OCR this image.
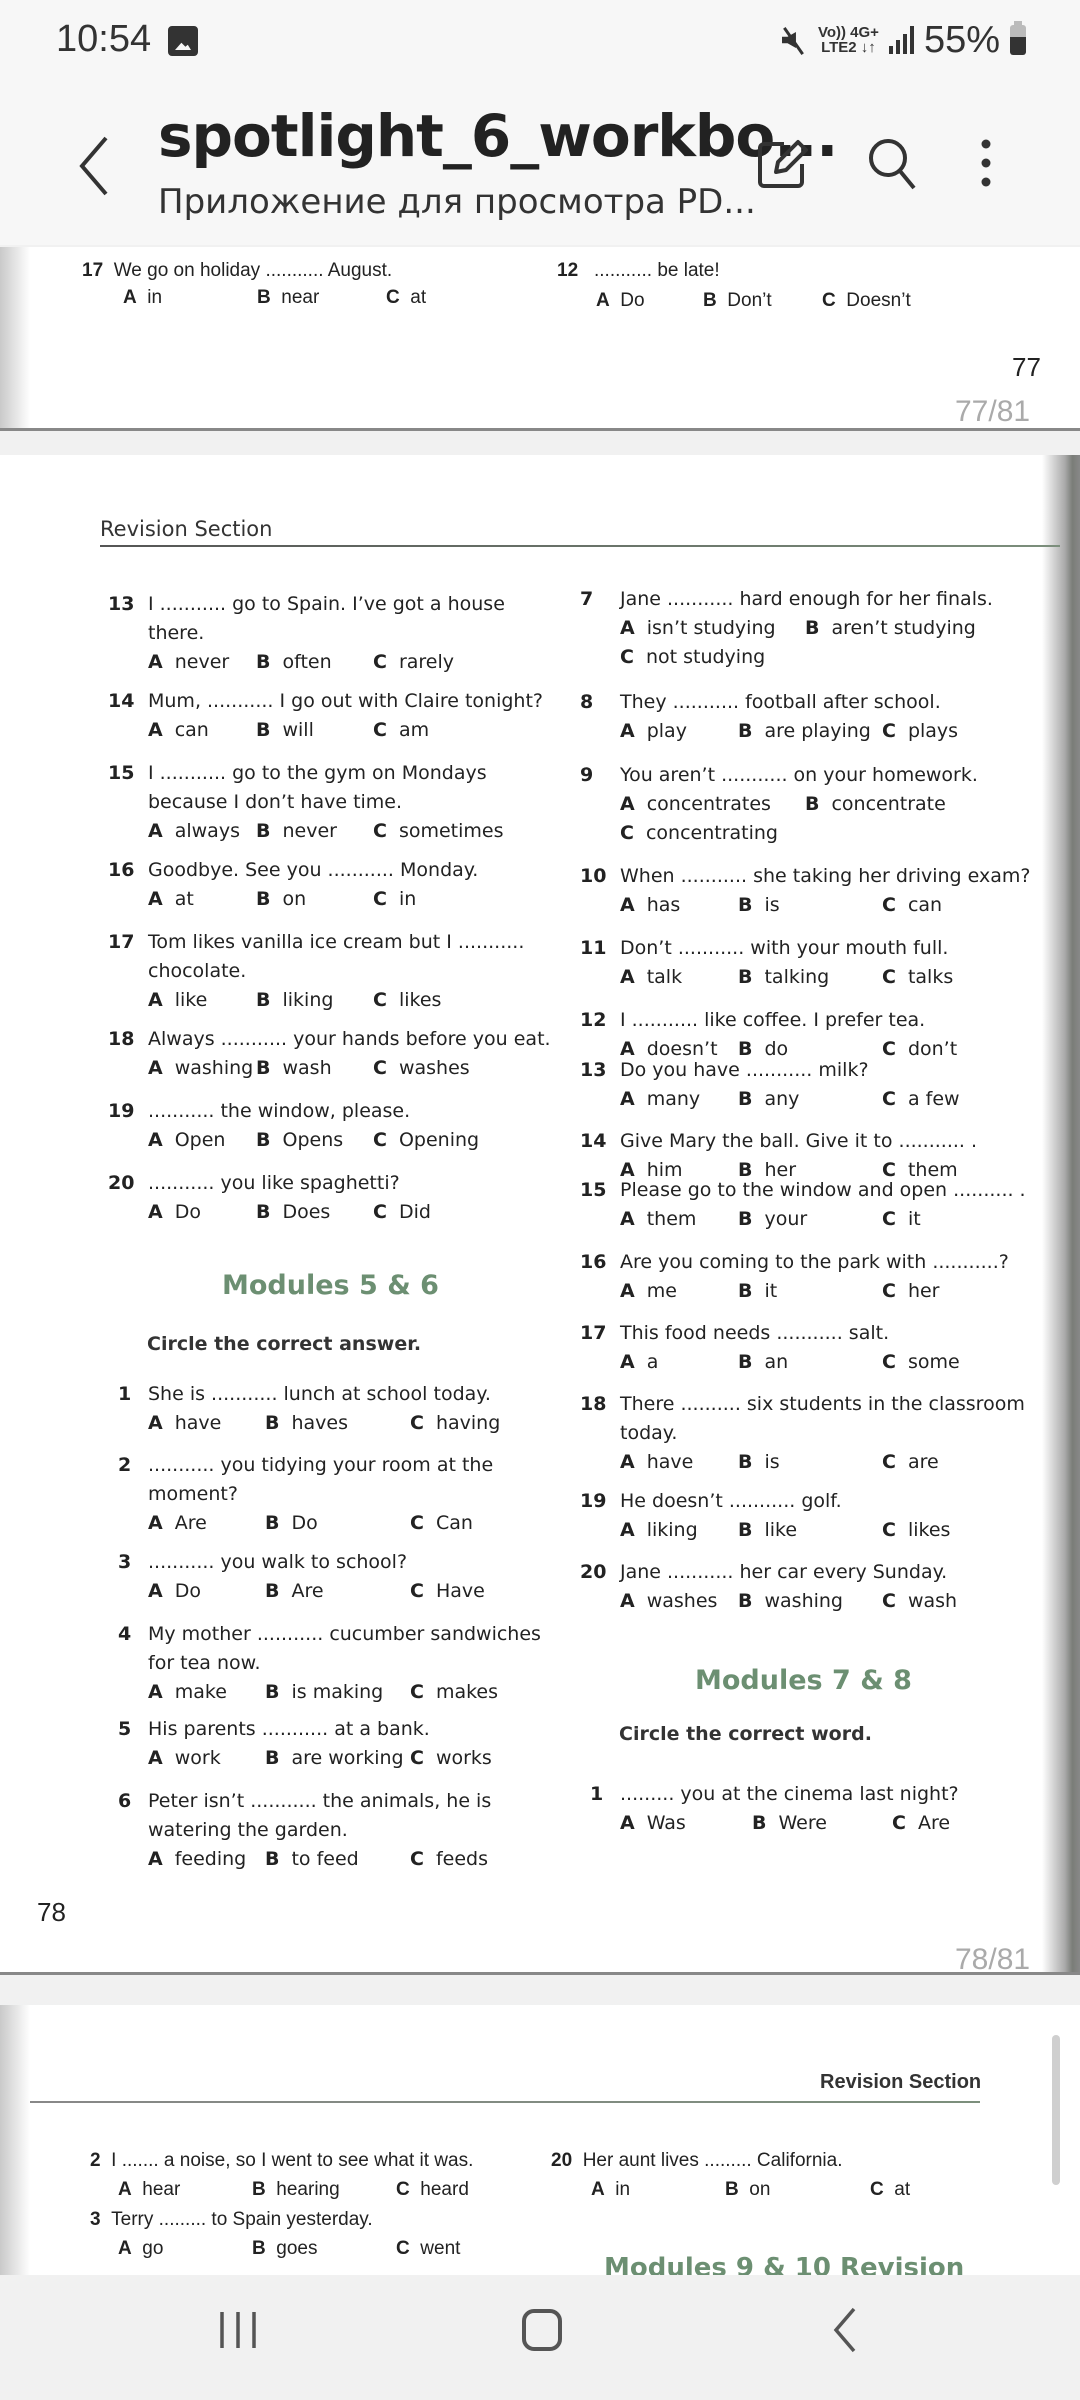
10:54	Vo)) 4G+
LTE2 ↓↑ 55%
spotlight_6_workbo...
Приложение для просмотра PD...
17 We go on holiday ........... August.
A in	B near	C at
12 ........... be late!
A Do	B Don’t	C Doesn’t
77
77/81
Revision Section
Modules 5 & 6
Circle the correct answer.
Modules 7 & 8
Circle the correct word.
13 I ........... go to Spain. I’ve got a house
there.
A never B often C rarely
14 Mum, ........... I go out with Claire tonight?
A can B will	C am
15 I ........... go to the gym on Mondays
because I don’t have time.
A always B never C sometimes
16 Goodbye. See you ........... Monday.
A at	B on	C in
17 Tom likes vanilla ice cream but I ...........
chocolate.
A like	B liking C likes
18 Always ........... your hands before you eat.
A washing B wash C washes
19 ........... the window, please.
A Open B Opens C Opening
20 ........... you like spaghetti?
A Do	B Does C Did
1 She is ........... lunch at school today.
A have B haves	C having
2 ........... you tidying your room at the
moment?
A Are	B Do	C Can
3 ........... you walk to school?
A Do	B Are	C Have
4 My mother ........... cucumber sandwiches
for tea now.
A make B is making C makes
5 His parents ........... at a bank.
A work B are working C works
6 Peter isn’t ........... the animals, he is
watering the garden.
A feeding B to feed	C feeds
7 Jane ........... hard enough for her finals.
A isn’t studying B aren’t studying
C not studying
8 They ........... football after school.
A play	B are playing C plays
9 You aren’t ........... on your homework.
A concentrates B concentrate
C concentrating
10 When ........... she taking her driving exam?
A has	B is	C can
11 Don’t ........... with your mouth full.
A talk	B talking	C talks
12 I ........... like coffee. I prefer tea.
A doesn’t B do	C don’t
13 Do you have ........... milk?
A many B any	C a few
14 Give Mary the ball. Give it to ........... .
A him	B her	C them
15 Please go to the window and open .......... .
A them B your	C it
16 Are you coming to the park with ...........?
A me	B it	C her
17 This food needs ........... salt.
A a	B an	C some
18 There .......... six students in the classroom
today.
A have B is	C are
19 He doesn’t ........... golf.
A liking B like	C likes
20 Jane ........... her car every Sunday.
A washes B washing C wash
1 ......... you at the cinema last night?
A Was	B Were	C Are
78
78/81
Revision Section
2 I ....... a noise, so I went to see what it was.
A hear	B hearing	C heard
3 Terry ......... to Spain yesterday.
A go	B goes	C went
20 Her aunt lives ......... California.
A in	B on	C at
Modules 9 & 10 Revision
